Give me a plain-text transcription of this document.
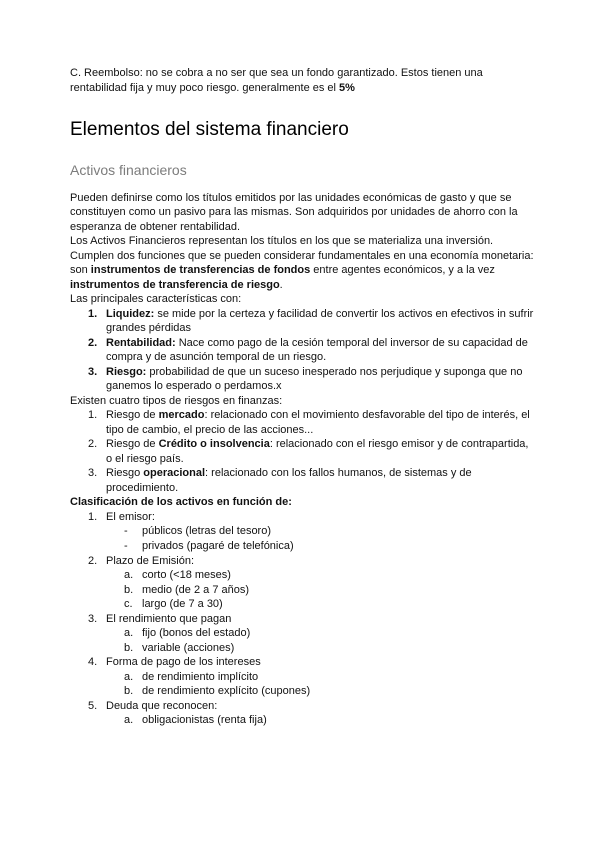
C. Reembolso: no se cobra a no ser que sea un fondo garantizado. Estos tienen una rentabilidad fija y muy poco riesgo. generalmente es el 5%

Elementos del sistema financiero
Activos financieros

Pueden definirse como los títulos emitidos por las unidades económicas de gasto y que se constituyen como un pasivo para las mismas. Son adquiridos por unidades de ahorro con la esperanza de obtener rentabilidad.

Los Activos Financieros representan los títulos en los que se materializa una inversión. Cumplen dos funciones que se pueden considerar fundamentales en una economía monetaria: son instrumentos de transferencias de fondos entre agentes económicos, y a la vez instrumentos de transferencia de riesgo.

Las principales características con:

1. Liquidez: se mide por la certeza y facilidad de convertir los activos en efectivos in sufrir grandes pérdidas
2. Rentabilidad: Nace como pago de la cesión temporal del inversor de su capacidad de compra y de asunción temporal de un riesgo.
3. Riesgo: probabilidad de que un suceso inesperado nos perjudique y suponga que no ganemos lo esperado o perdamos.x

Existen cuatro tipos de riesgos en finanzas:

1. Riesgo de mercado: relacionado con el movimiento desfavorable del tipo de interés, el tipo de cambio, el precio de las acciones...
2. Riesgo de Crédito o insolvencia: relacionado con el riesgo emisor y de contrapartida, o el riesgo país.
3. Riesgo operacional: relacionado con los fallos humanos, de sistemas y de procedimiento.

Clasificación de los activos en función de:

1. El emisor:
-	públicos (letras del tesoro)
-	privados (pagaré de telefónica)
2. Plazo de Emisión:
a. corto (<18 meses)
b. medio (de 2 a 7 años)
c. largo (de 7 a 30)
3. El rendimiento que pagan
a. fijo (bonos del estado)
b. variable (acciones)
4. Forma de pago de los intereses
a. de rendimiento implícito
b. de rendimiento explícito (cupones)
5. Deuda que reconocen:
a. obligacionistas (renta fija)
